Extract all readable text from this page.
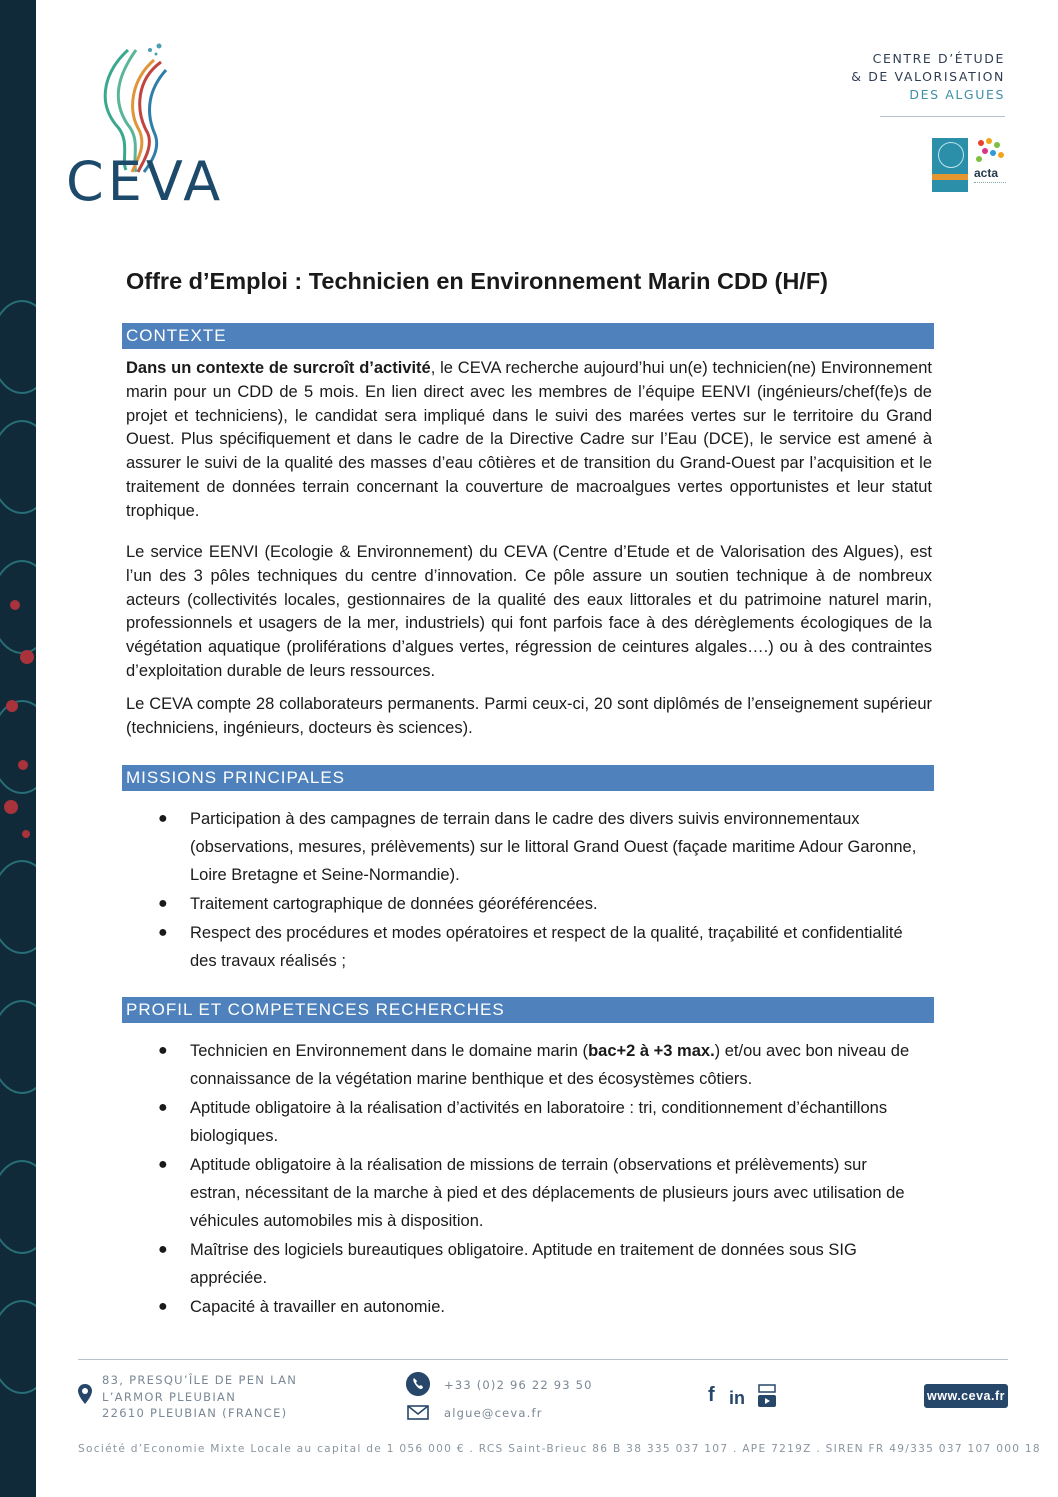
CEVA
CENTRE D’ÉTUDE
& DE VALORISATION
DES ALGUES
acta
Offre d’Emploi : Technicien en Environnement Marin CDD (H/F)
CONTEXTE
Dans un contexte de surcroît d’activité, le CEVA recherche aujourd’hui un(e) technicien(ne) Environnement marin pour un CDD de 5 mois. En lien direct avec les membres de l’équipe EENVI (ingénieurs/chef(fe)s de projet et techniciens), le candidat sera impliqué dans le suivi des marées vertes sur le territoire du Grand Ouest. Plus spécifiquement et dans le cadre de la Directive Cadre sur l’Eau (DCE), le service est amené à assurer le suivi de la qualité des masses d’eau côtières et de transition du Grand-Ouest par l’acquisition et le traitement de données terrain concernant la couverture de macroalgues vertes opportunistes et leur statut trophique.
Le service EENVI (Ecologie & Environnement) du CEVA (Centre d’Etude et de Valorisation des Algues), est l’un des 3 pôles techniques du centre d’innovation. Ce pôle assure un soutien technique à de nombreux acteurs (collectivités locales, gestionnaires de la qualité des eaux littorales et du patrimoine naturel marin, professionnels et usagers de la mer, industriels) qui font parfois face à des dérèglements écologiques de la végétation aquatique (proliférations d’algues vertes, régression de ceintures algales….) ou à des contraintes d’exploitation durable de leurs ressources.
Le CEVA compte 28 collaborateurs permanents. Parmi ceux-ci, 20 sont diplômés de l’enseignement supérieur (techniciens, ingénieurs, docteurs ès sciences).
MISSIONS PRINCIPALES
● Participation à des campagnes de terrain dans le cadre des divers suivis environnementaux (observations, mesures, prélèvements) sur le littoral Grand Ouest (façade maritime Adour Garonne, Loire Bretagne et Seine-Normandie).
● Traitement cartographique de données géoréférencées.
● Respect des procédures et modes opératoires et respect de la qualité, traçabilité et confidentialité des travaux réalisés ;
PROFIL ET COMPETENCES RECHERCHES
● Technicien en Environnement dans le domaine marin (bac+2 à +3 max.) et/ou avec bon niveau de connaissance de la végétation marine benthique et des écosystèmes côtiers.
● Aptitude obligatoire à la réalisation d’activités en laboratoire : tri, conditionnement d’échantillons biologiques.
● Aptitude obligatoire à la réalisation de missions de terrain (observations et prélèvements) sur estran, nécessitant de la marche à pied et des déplacements de plusieurs jours avec utilisation de véhicules automobiles mis à disposition.
● Maîtrise des logiciels bureautiques obligatoire. Aptitude en traitement de données sous SIG appréciée.
● Capacité à travailler en autonomie.
83, PRESQU’ÎLE DE PEN LAN
L’ARMOR PLEUBIAN
22610 PLEUBIAN (FRANCE)
+33 (0)2 96 22 93 50
algue@ceva.fr
f in	www.ceva.fr
Société d’Economie Mixte Locale au capital de 1 056 000 € . RCS Saint-Brieuc 86 B 38 335 037 107 . APE 7219Z . SIREN FR 49/335 037 107 000 18
